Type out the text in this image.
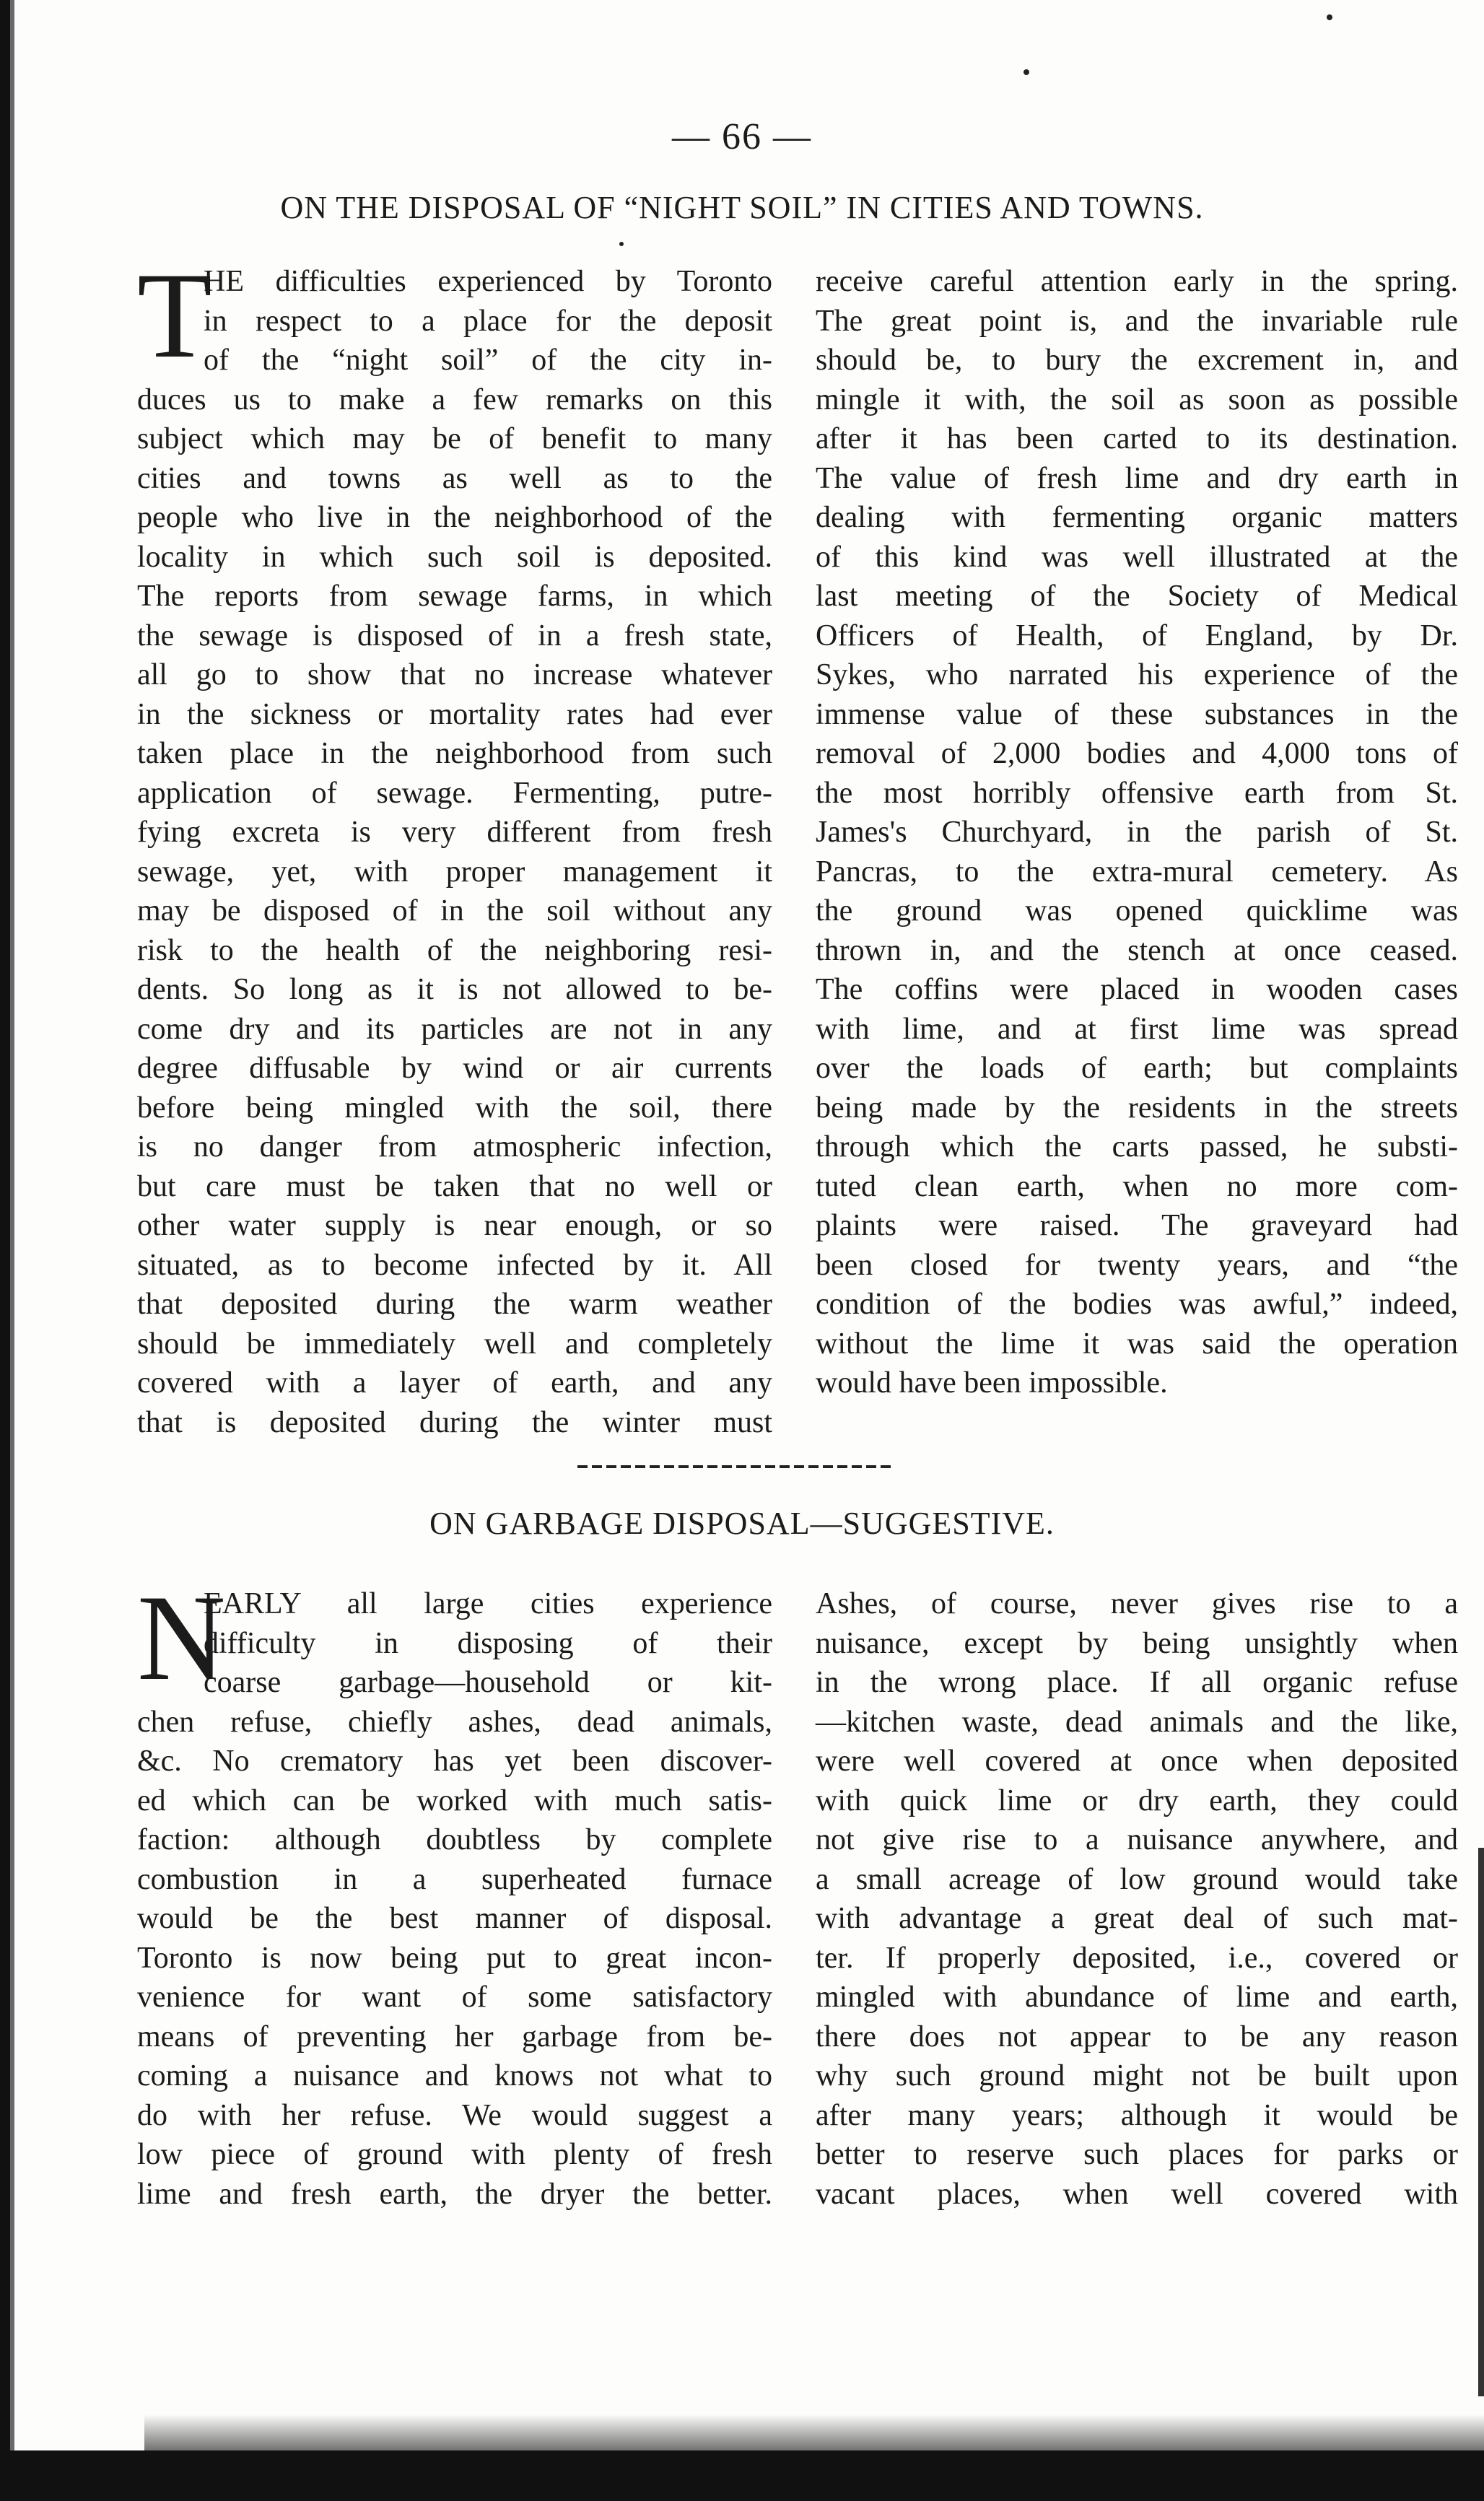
— 66 —
ON THE DISPOSAL OF “NIGHT SOIL” IN CITIES AND TOWNS.
T
HE difficulties experienced by Toronto
in respect to a place for the deposit
of the “night soil” of the city in-
duces us to make a few remarks on this
subject which may be of benefit to many
cities and towns as well as to the
people who live in the neighborhood of the
locality in which such soil is deposited.
The reports from sewage farms, in which
the sewage is disposed of in a fresh state,
all go to show that no increase whatever
in the sickness or mortality rates had ever
taken place in the neighborhood from such
application of sewage. Fermenting, putre-
fying excreta is very different from fresh
sewage, yet, with proper management it
may be disposed of in the soil without any
risk to the health of the neighboring resi-
dents. So long as it is not allowed to be-
come dry and its particles are not in any
degree diffusable by wind or air currents
before being mingled with the soil, there
is no danger from atmospheric infection,
but care must be taken that no well or
other water supply is near enough, or so
situated, as to become infected by it. All
that deposited during the warm weather
should be immediately well and completely
covered with a layer of earth, and any
that is deposited during the winter must
receive careful attention early in the spring.
The great point is, and the invariable rule
should be, to bury the excrement in, and
mingle it with, the soil as soon as possible
after it has been carted to its destination.
The value of fresh lime and dry earth in
dealing with fermenting organic matters
of this kind was well illustrated at the
last meeting of the Society of Medical
Officers of Health, of England, by Dr.
Sykes, who narrated his experience of the
immense value of these substances in the
removal of 2,000 bodies and 4,000 tons of
the most horribly offensive earth from St.
James's Churchyard, in the parish of St.
Pancras, to the extra-mural cemetery. As
the ground was opened quicklime was
thrown in, and the stench at once ceased.
The coffins were placed in wooden cases
with lime, and at first lime was spread
over the loads of earth; but complaints
being made by the residents in the streets
through which the carts passed, he substi-
tuted clean earth, when no more com-
plaints were raised. The graveyard had
been closed for twenty years, and “the
condition of the bodies was awful,” indeed,
without the lime it was said the operation
would have been impossible.
ON GARBAGE DISPOSAL—SUGGESTIVE.
N
EARLY all large cities experience
difficulty in disposing of their
coarse garbage—household or kit-
chen refuse, chiefly ashes, dead animals,
&c. No crematory has yet been discover-
ed which can be worked with much satis-
faction: although doubtless by complete
combustion in a superheated furnace
would be the best manner of disposal.
Toronto is now being put to great incon-
venience for want of some satisfactory
means of preventing her garbage from be-
coming a nuisance and knows not what to
do with her refuse. We would suggest a
low piece of ground with plenty of fresh
lime and fresh earth, the dryer the better.
Ashes, of course, never gives rise to a
nuisance, except by being unsightly when
in the wrong place. If all organic refuse
—kitchen waste, dead animals and the like,
were well covered at once when deposited
with quick lime or dry earth, they could
not give rise to a nuisance anywhere, and
a small acreage of low ground would take
with advantage a great deal of such mat-
ter. If properly deposited, i.e., covered or
mingled with abundance of lime and earth,
there does not appear to be any reason
why such ground might not be built upon
after many years; although it would be
better to reserve such places for parks or
vacant places, when well covered with
